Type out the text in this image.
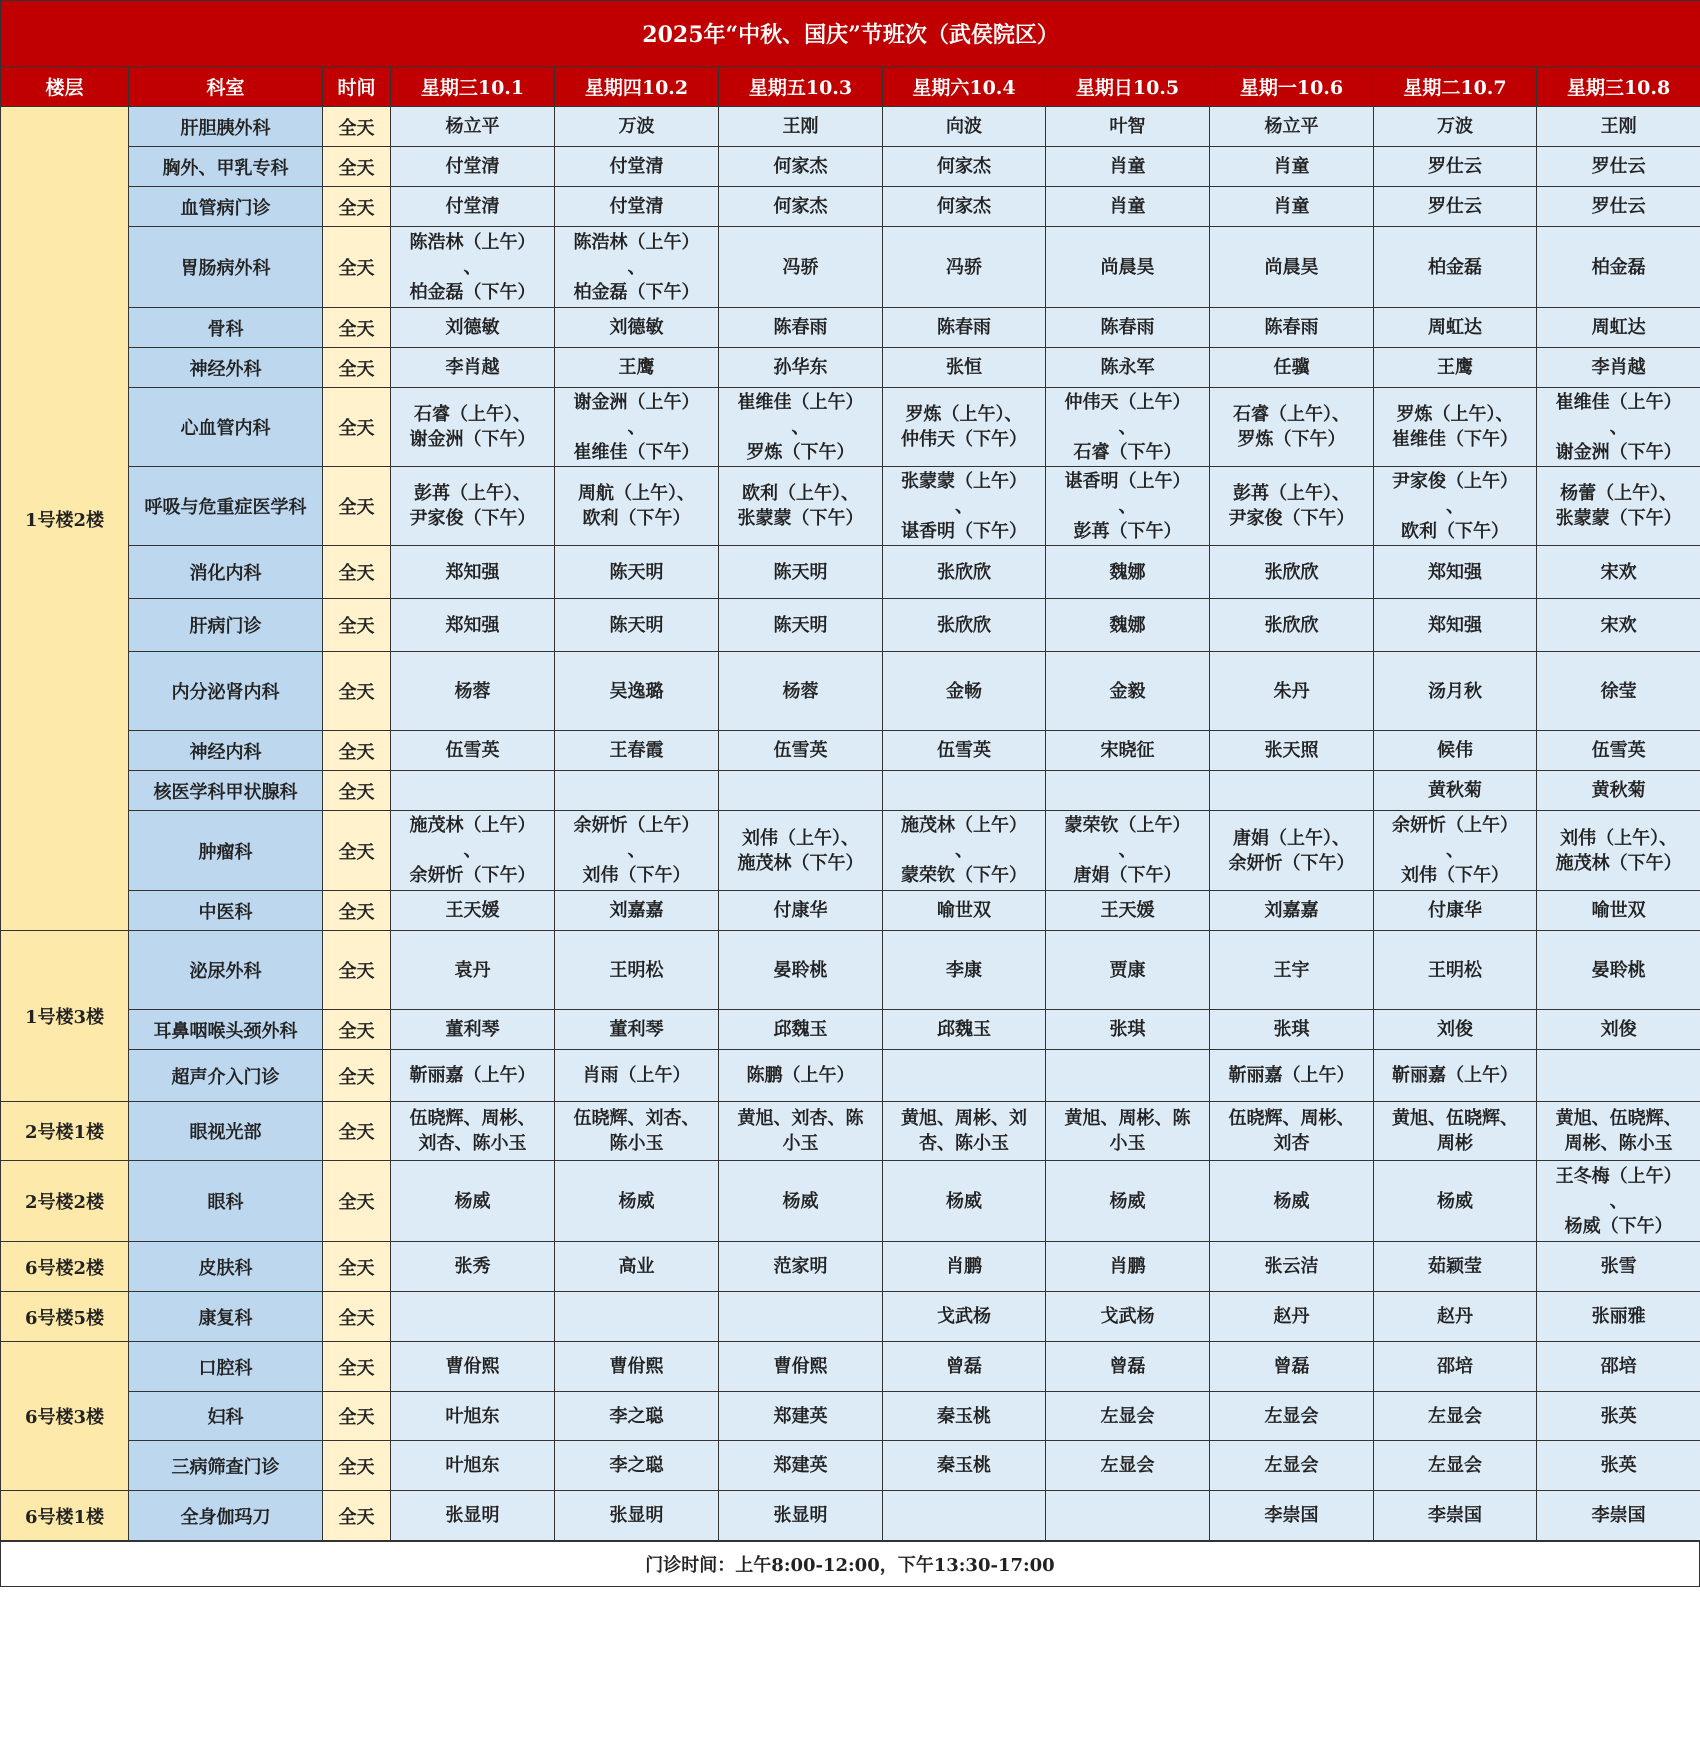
2025年“中秋、国庆”节班次（武侯院区）										
楼层	科室	时间	星期三10.1	星期四10.2	星期五10.3	星期六10.4	星期日10.5	星期一10.6	星期二10.7	星期三10.8
1号楼2楼	肝胆胰外科	全天	杨立平	万波	王刚	向波	叶智	杨立平	万波	王刚
	胸外、甲乳专科	全天	付堂清	付堂清	何家杰	何家杰	肖童	肖童	罗仕云	罗仕云
	血管病门诊	全天	付堂清	付堂清	何家杰	何家杰	肖童	肖童	罗仕云	罗仕云
	胃肠病外科	全天	陈浩林（上午）
、
柏金磊（下午）	陈浩林（上午）
、
柏金磊（下午）	冯骄	冯骄	尚晨昊	尚晨昊	柏金磊	柏金磊
	骨科	全天	刘德敏	刘德敏	陈春雨	陈春雨	陈春雨	陈春雨	周虹达	周虹达
	神经外科	全天	李肖越	王鹰	孙华东	张恒	陈永军	任骥	王鹰	李肖越
	心血管内科	全天	石睿（上午）、
谢金洲（下午）	谢金洲（上午）
、
崔维佳（下午）	崔维佳（上午）
、
罗炼（下午）	罗炼（上午）、
仲伟天（下午）	仲伟天（上午）
、
石睿（下午）	石睿（上午）、
罗炼（下午）	罗炼（上午）、
崔维佳（下午）	崔维佳（上午）
、
谢金洲（下午）
	呼吸与危重症医学科	全天	彭苒（上午）、
尹家俊（下午）	周航（上午）、
欧利（下午）	欧利（上午）、
张蒙蒙（下午）	张蒙蒙（上午）
、
谌香明（下午）	谌香明（上午）
、
彭苒（下午）	彭苒（上午）、
尹家俊（下午）	尹家俊（上午）
、
欧利（下午）	杨蕾（上午）、
张蒙蒙（下午）
	消化内科	全天	郑知强	陈天明	陈天明	张欣欣	魏娜	张欣欣	郑知强	宋欢
	肝病门诊	全天	郑知强	陈天明	陈天明	张欣欣	魏娜	张欣欣	郑知强	宋欢
	内分泌肾内科	全天	杨蓉	吴逸璐	杨蓉	金畅	金毅	朱丹	汤月秋	徐莹
	神经内科	全天	伍雪英	王春霞	伍雪英	伍雪英	宋晓征	张天照	候伟	伍雪英
	核医学科甲状腺科	全天							黄秋菊	黄秋菊
	肿瘤科	全天	施茂林（上午）
、
余妍忻（下午）	余妍忻（上午）
、
刘伟（下午）	刘伟（上午）、
施茂林（下午）	施茂林（上午）
、
蒙荣钦（下午）	蒙荣钦（上午）
、
唐娟（下午）	唐娟（上午）、
余妍忻（下午）	余妍忻（上午）
、
刘伟（下午）	刘伟（上午）、
施茂林（下午）
	中医科	全天	王天媛	刘嘉嘉	付康华	喻世双	王天媛	刘嘉嘉	付康华	喻世双
1号楼3楼	泌尿外科	全天	袁丹	王明松	晏聆桃	李康	贾康	王宇	王明松	晏聆桃
	耳鼻咽喉头颈外科	全天	董利琴	董利琴	邱魏玉	邱魏玉	张琪	张琪	刘俊	刘俊
	超声介入门诊	全天	靳丽嘉（上午）	肖雨（上午）	陈鹏（上午）			靳丽嘉（上午）	靳丽嘉（上午）	
2号楼1楼	眼视光部	全天	伍晓辉、周彬、
刘杏、陈小玉	伍晓辉、刘杏、
陈小玉	黄旭、刘杏、陈
小玉	黄旭、周彬、刘
杏、陈小玉	黄旭、周彬、陈
小玉	伍晓辉、周彬、
刘杏	黄旭、伍晓辉、
周彬	黄旭、伍晓辉、
周彬、陈小玉
2号楼2楼	眼科	全天	杨威	杨威	杨威	杨威	杨威	杨威	杨威	王冬梅（上午）
、
杨威（下午）
6号楼2楼	皮肤科	全天	张秀	高业	范家明	肖鹏	肖鹏	张云洁	茹颖莹	张雪
6号楼5楼	康复科	全天				戈武杨	戈武杨	赵丹	赵丹	张丽雅
6号楼3楼	口腔科	全天	曹佾熙	曹佾熙	曹佾熙	曾磊	曾磊	曾磊	邵培	邵培
	妇科	全天	叶旭东	李之聪	郑建英	秦玉桃	左显会	左显会	左显会	张英
	三病筛查门诊	全天	叶旭东	李之聪	郑建英	秦玉桃	左显会	左显会	左显会	张英
6号楼1楼	全身伽玛刀	全天	张显明	张显明	张显明			李崇国	李崇国	李崇国
门诊时间：上午8:00-12:00，下午13:30-17:00
